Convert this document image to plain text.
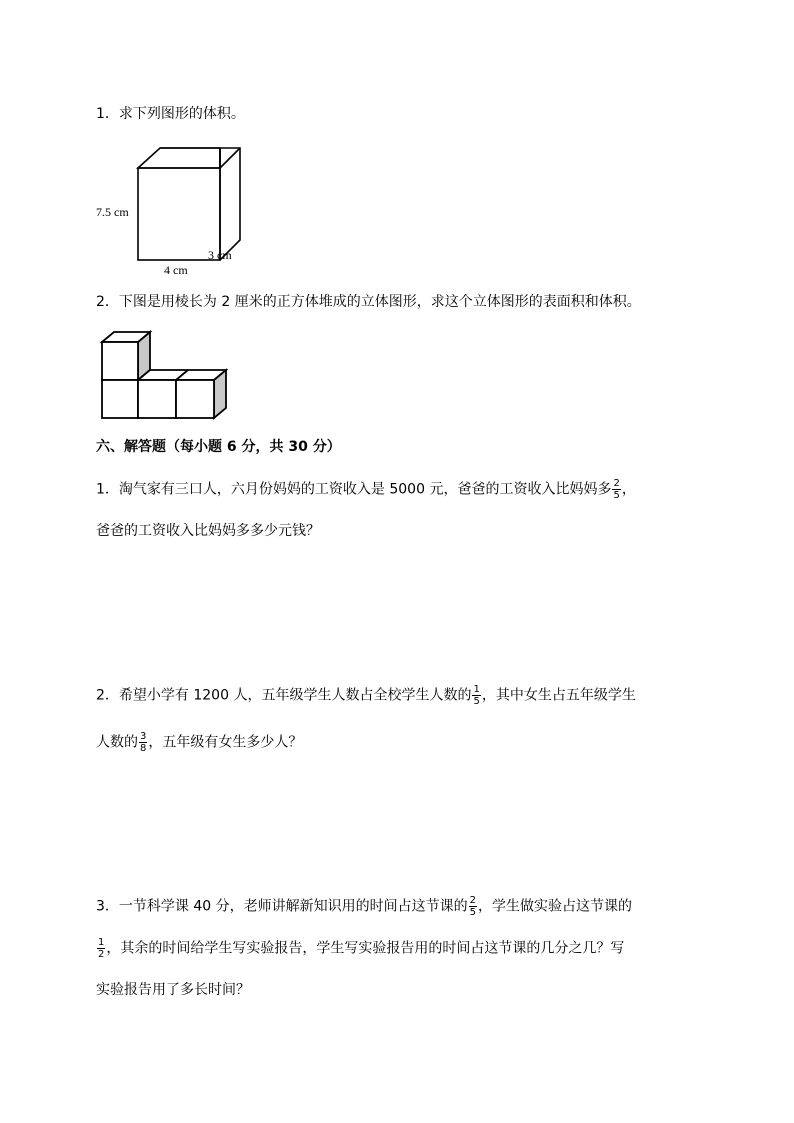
1．求下列图形的体积。
7.5 cm
3 cm
4 cm
2．下图是用棱长为 2 厘米的正方体堆成的立体图形，求这个立体图形的表面积和体积。
六、解答题（每小题 6 分，共 30 分）
1．淘气家有三口人，六月份妈妈的工资收入是 5000 元，爸爸的工资收入比妈妈多 $\frac{2}{5}$ ，
爸爸的工资收入比妈妈多多少元钱？
2．希望小学有 1200 人，五年级学生人数占全校学生人数的 $\frac{1}{5}$ ，其中女生占五年级学生
人数的 $\frac{3}{8}$ ，五年级有女生多少人？
3．一节科学课 40 分，老师讲解新知识用的时间占这节课的 $\frac{2}{5}$ ，学生做实验占这节课的
$\frac{1}{2}$ ，其余的时间给学生写实验报告，学生写实验报告用的时间占这节课的几分之几？写
实验报告用了多长时间？
